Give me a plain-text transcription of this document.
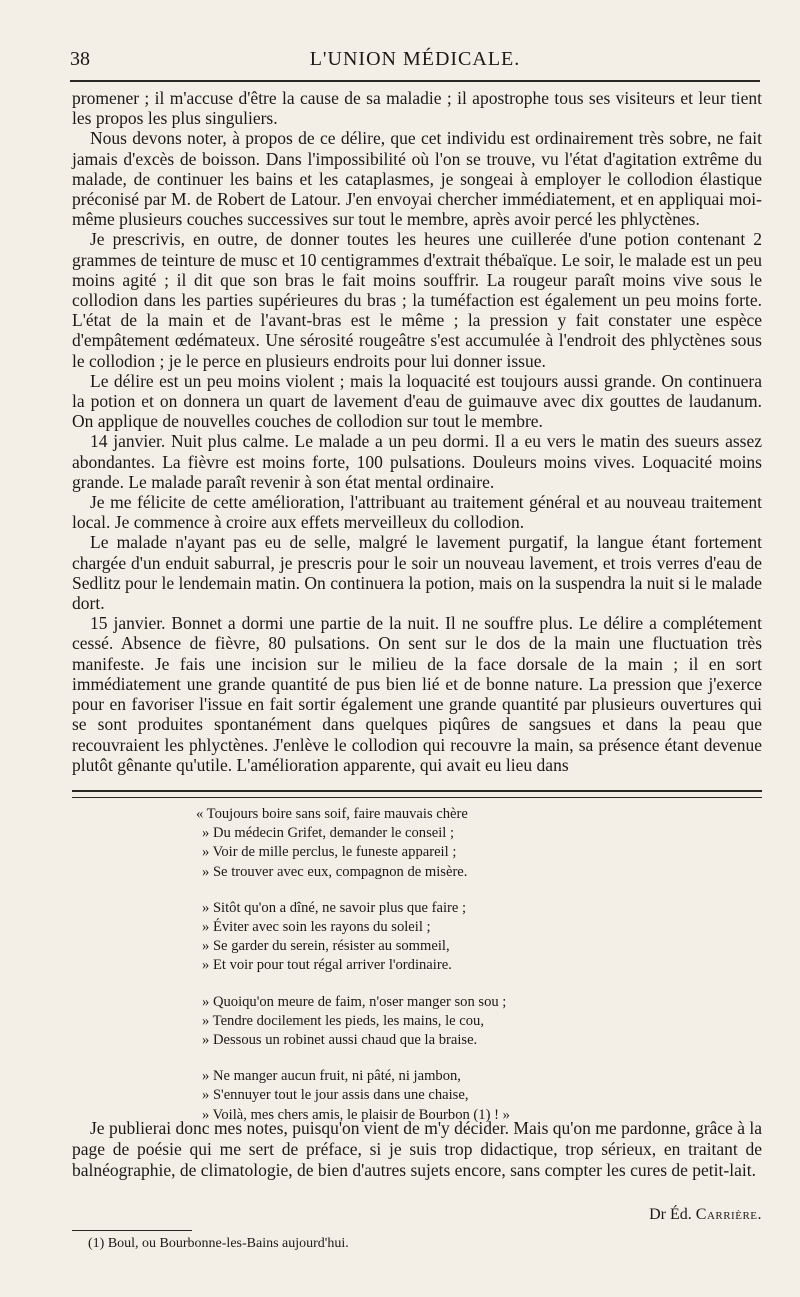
38	L'UNION MÉDICALE.

promener ; il m'accuse d'être la cause de sa maladie ; il apostrophe tous ses visiteurs et leur tient les propos les plus singuliers.

Nous devons noter, à propos de ce délire, que cet individu est ordinairement très sobre, ne fait jamais d'excès de boisson. Dans l'impossibilité où l'on se trouve, vu l'état d'agitation extrême du malade, de continuer les bains et les cataplasmes, je songeai à employer le collodion élastique préconisé par M. de Robert de Latour. J'en envoyai chercher immédiatement, et en appliquai moi-même plusieurs couches successives sur tout le membre, après avoir percé les phlyctènes.

Je prescrivis, en outre, de donner toutes les heures une cuillerée d'une potion contenant 2 grammes de teinture de musc et 10 centigrammes d'extrait thébaïque. Le soir, le malade est un peu moins agité ; il dit que son bras le fait moins souffrir. La rougeur paraît moins vive sous le collodion dans les parties supérieures du bras ; la tuméfaction est également un peu moins forte. L'état de la main et de l'avant-bras est le même ; la pression y fait constater une espèce d'empâtement œdémateux. Une sérosité rougeâtre s'est accumulée à l'endroit des phlyctènes sous le collodion ; je le perce en plusieurs endroits pour lui donner issue.

Le délire est un peu moins violent ; mais la loquacité est toujours aussi grande. On continuera la potion et on donnera un quart de lavement d'eau de guimauve avec dix gouttes de laudanum. On applique de nouvelles couches de collodion sur tout le membre.

14 janvier. Nuit plus calme. Le malade a un peu dormi. Il a eu vers le matin des sueurs assez abondantes. La fièvre est moins forte, 100 pulsations. Douleurs moins vives. Loquacité moins grande. Le malade paraît revenir à son état mental ordinaire.

Je me félicite de cette amélioration, l'attribuant au traitement général et au nouveau traitement local. Je commence à croire aux effets merveilleux du collodion.

Le malade n'ayant pas eu de selle, malgré le lavement purgatif, la langue étant fortement chargée d'un enduit saburral, je prescris pour le soir un nouveau lavement, et trois verres d'eau de Sedlitz pour le lendemain matin. On continuera la potion, mais on la suspendra la nuit si le malade dort.

15 janvier. Bonnet a dormi une partie de la nuit. Il ne souffre plus. Le délire a complétement cessé. Absence de fièvre, 80 pulsations. On sent sur le dos de la main une fluctuation très manifeste. Je fais une incision sur le milieu de la face dorsale de la main ; il en sort immédiatement une grande quantité de pus bien lié et de bonne nature. La pression que j'exerce pour en favoriser l'issue en fait sortir également une grande quantité par plusieurs ouvertures qui se sont produites spontanément dans quelques piqûres de sangsues et dans la peau que recouvraient les phlyctènes. J'enlève le collodion qui recouvre la main, sa présence étant devenue plutôt gênante qu'utile. L'amélioration apparente, qui avait eu lieu dans

« Toujours boire sans soif, faire mauvais chère
» Du médecin Grifet, demander le conseil ;
» Voir de mille perclus, le funeste appareil ;
» Se trouver avec eux, compagnon de misère.
» Sitôt qu'on a dîné, ne savoir plus que faire ;
» Éviter avec soin les rayons du soleil ;
» Se garder du serein, résister au sommeil,
» Et voir pour tout régal arriver l'ordinaire.
» Quoiqu'on meure de faim, n'oser manger son sou ;
» Tendre docilement les pieds, les mains, le cou,
» Dessous un robinet aussi chaud que la braise.
» Ne manger aucun fruit, ni pâté, ni jambon,
» S'ennuyer tout le jour assis dans une chaise,
» Voilà, mes chers amis, le plaisir de Bourbon (1) ! »

Je publierai donc mes notes, puisqu'on vient de m'y décider. Mais qu'on me pardonne, grâce à la page de poésie qui me sert de préface, si je suis trop didactique, trop sérieux, en traitant de balnéographie, de climatologie, de bien d'autres sujets encore, sans compter les cures de petit-lait.

Dr Éd. Carrière.
(1) Boul, ou Bourbonne-les-Bains aujourd'hui.
